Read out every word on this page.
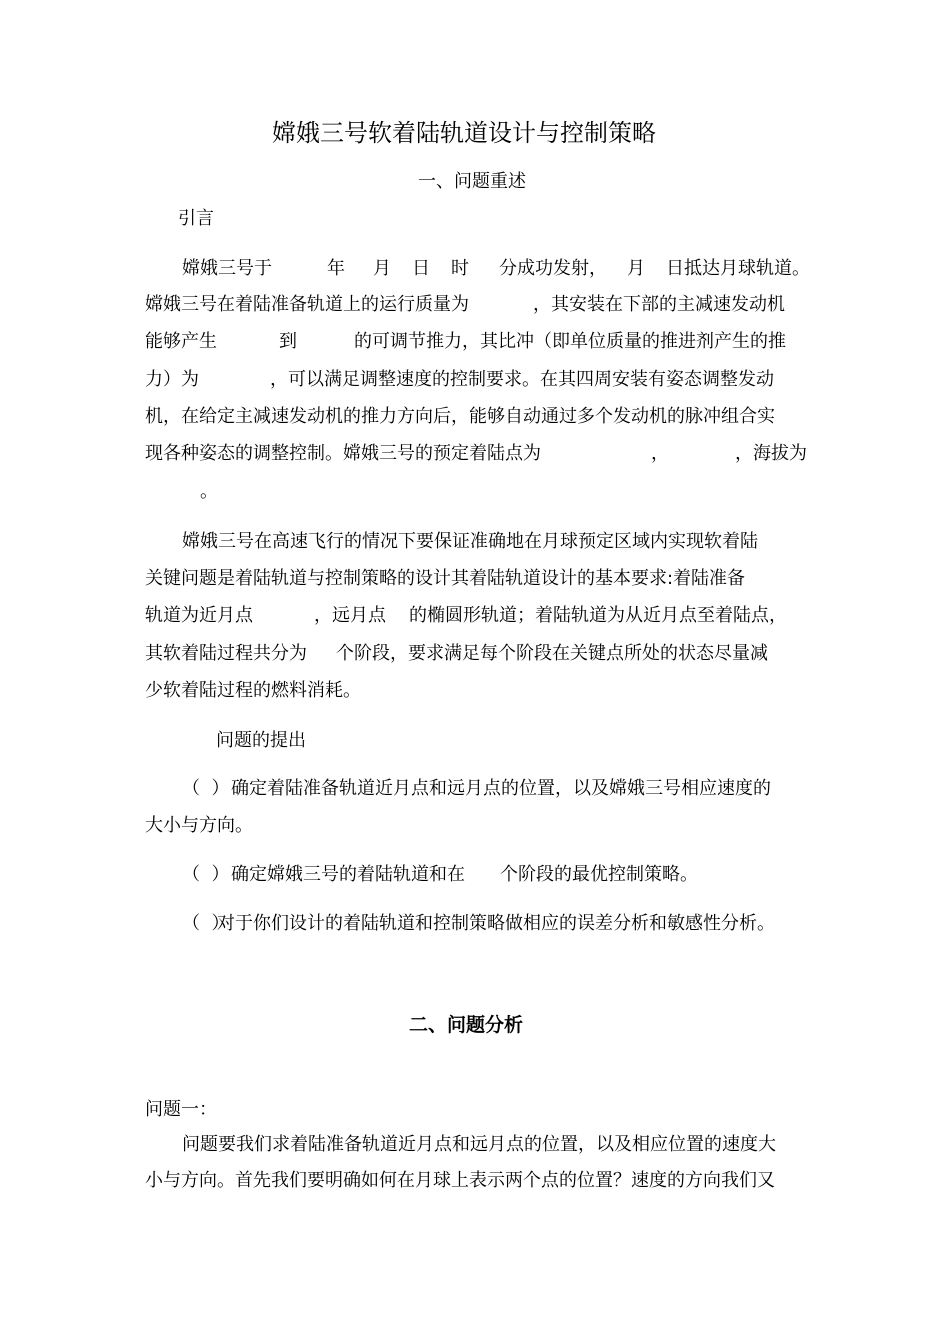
嫦娥三号软着陆轨道设计与控制策略
一、问题重述
引言
嫦娥三号于	年 月 日 时 分成功发射， 月 日抵达月球轨道。
嫦娥三号在着陆准备轨道上的运行质量为	，其安装在下部的主减速发动机
能够产生	到	的可调节推力，其比冲（即单位质量的推进剂产生的推
力）为	，可以满足调整速度的控制要求。在其四周安装有姿态调整发动
机，在给定主减速发动机的推力方向后，能够自动通过多个发动机的脉冲组合实
现各种姿态的调整控制。嫦娥三号的预定着陆点为	，	，海拔为
。
嫦娥三号在高速飞行的情况下要保证准确地在月球预定区域内实现软着陆
关键问题是着陆轨道与控制策略的设计其着陆轨道设计的基本要求:着陆准备
轨道为近月点	，远月点 的椭圆形轨道；着陆轨道为从近月点至着陆点，
其软着陆过程共分为 个阶段，要求满足每个阶段在关键点所处的状态尽量减
少软着陆过程的燃料消耗。
问题的提出
（  ） 确定着陆准备轨道近月点和远月点的位置，以及嫦娥三号相应速度的
大小与方向。
（  ） 确定嫦娥三号的着陆轨道和在 个阶段的最优控制策略。
（  ）
对于你们设计的着陆轨道和控制策略做相应的误差分析和敏感性分析。
二、问题分析
问题一：
问题要我们求着陆准备轨道近月点和远月点的位置，以及相应位置的速度大
小与方向。首先我们要明确如何在月球上表示两个点的位置？速度的方向我们又
